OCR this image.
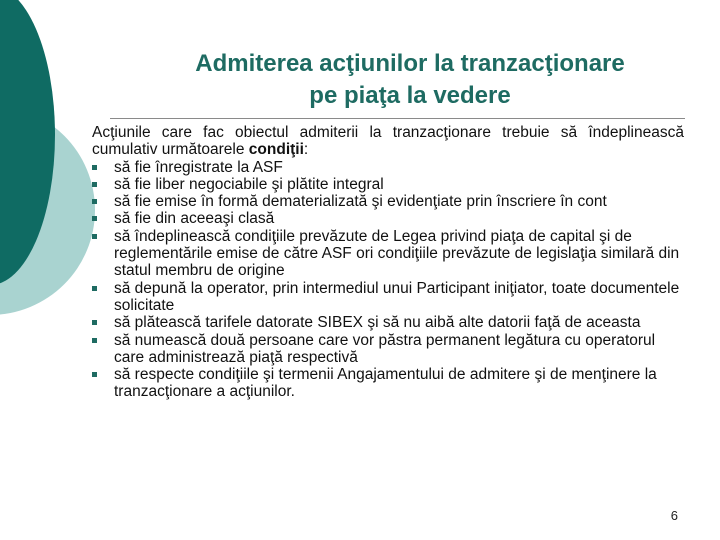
Admiterea acţiunilor la tranzacţionare
pe piaţa la vedere

Acţiunile care fac obiectul admiterii la tranzacţionare trebuie să îndeplinească cumulativ următoarele condiţii:

să fie înregistrate la ASF
să fie liber negociabile şi plătite integral
să fie emise în formă dematerializată şi evidenţiate prin înscriere în cont
să fie din aceeaşi clasă
să îndeplinească condiţiile prevăzute de Legea privind piaţa de capital şi de reglementările emise de către ASF ori condiţiile prevăzute de legislaţia similară din statul membru de origine
să depună la operator, prin intermediul unui Participant iniţiator, toate documentele solicitate
să plătească tarifele datorate SIBEX şi să nu aibă alte datorii faţă de aceasta
să numească două persoane care vor păstra permanent legătura cu operatorul care administrează piaţă respectivă
să respecte condiţiile şi termenii Angajamentului de admitere şi de menţinere la tranzacţionare a acţiunilor.
6
